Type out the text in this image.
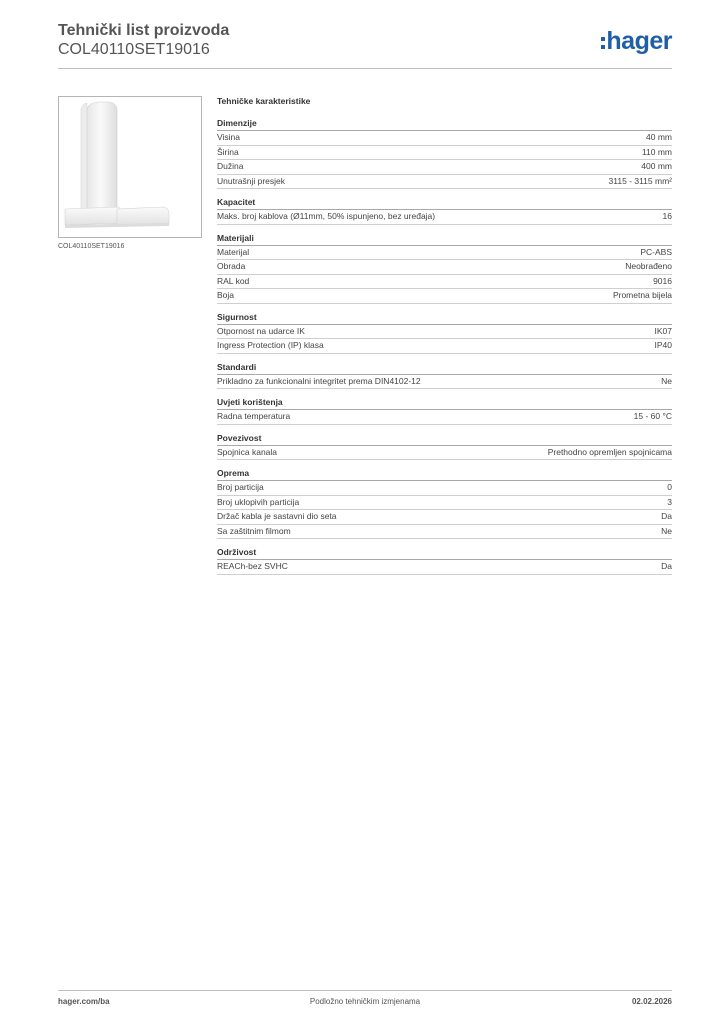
Tehnički list proizvoda
COL40110SET19016	hager
COL40110SET19016
Tehničke karakteristike
Dimenzije
Visina	40 mm
Širina	110 mm
Dužina	400 mm
Unutrašnji presjek	3115 - 3115 mm²
Kapacitet
Maks. broj kablova (Ø11mm, 50% ispunjeno, bez uređaja)	16
Materijali
Materijal	PC-ABS
Obrada	Neobrađeno
RAL kod	9016
Boja	Prometna bijela
Sigurnost
Otpornost na udarce IK	IK07
Ingress Protection (IP) klasa	IP40
Standardi
Prikladno za funkcionalni integritet prema DIN4102-12	Ne
Uvjeti korištenja
Radna temperatura	15 - 60 °C
Povezivost
Spojnica kanala	Prethodno opremljen spojnicama
Oprema
Broj particija	0
Broj uklopivih particija	3
Držač kabla je sastavni dio seta	Da
Sa zaštitnim filmom	Ne
Održivost
REACh-bez SVHC	Da
hager.com/ba	Podložno tehničkim izmjenama	02.02.2026
